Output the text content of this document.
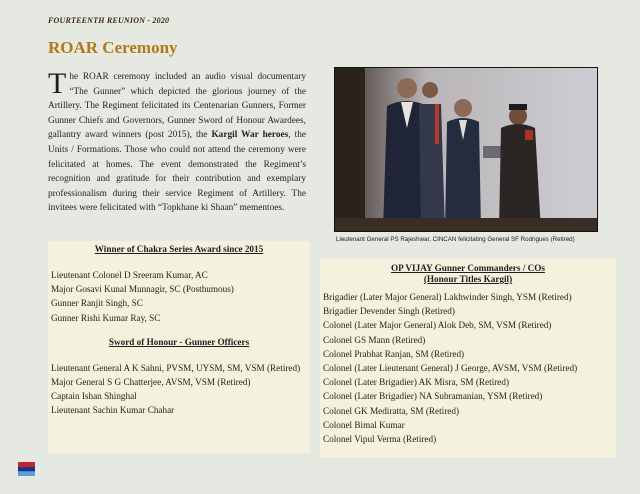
FOURTEENTH REUNION - 2020
ROAR Ceremony
The ROAR ceremony included an audio visual documentary “The Gunner” which depicted the glorious journey of the Artillery. The Regiment felicitated its Centenarian Gunners, Former Gunner Chiefs and Governors, Gunner Sword of Honour Awardees, gallantry award winners (post 2015), the Kargil War heroes, the Units / Formations. Those who could not attend the ceremony were felicitated at homes. The event demonstrated the Regiment’s recognition and gratitude for their contribution and exemplary professionalism during their service Regiment of Artillery. The invitees were felicitated with “Topkhane ki Shaan” mementoes.
Lieutenant General PS Rajeshwar, CINCAN felicitating General SF Rodrigues (Retired)
Winner of Chakra Series Award since 2015
Lieutenant Colonel D Sreeram Kumar, AC
Major Gosavi Kunal Munnagir, SC (Posthumous)
Gunner Ranjit Singh, SC
Gunner Rishi Kumar Ray, SC
Sword of Honour - Gunner Officers
Lieutenant General A K Sahni, PVSM, UYSM, SM, VSM (Retired)
Major General S G Chatterjee, AVSM, VSM (Retired)
Captain Ishan Shinghal
Lieutenant Sachin Kumar Chahar
OP VIJAY Gunner Commanders / COs
(Honour Titles Kargil)
Brigadier (Later Major General) Lakhwinder Singh, YSM (Retired)
Brigadier Devender Singh (Retired)
Colonel (Later Major General) Alok Deb, SM, VSM (Retired)
Colonel GS Mann (Retired)
Colonel Prabhat Ranjan, SM (Retired)
Colonel (Later Lieutenant General) J George, AVSM, VSM (Retired)
Colonel (Later Brigadier) AK Misra, SM (Retired)
Colonel (Later Brigadier) NA Subramanian, YSM (Retired)
Colonel GK Mediratta, SM (Retired)
Colonel Bimal Kumar
Colonel Vipul Verma (Retired)
265
